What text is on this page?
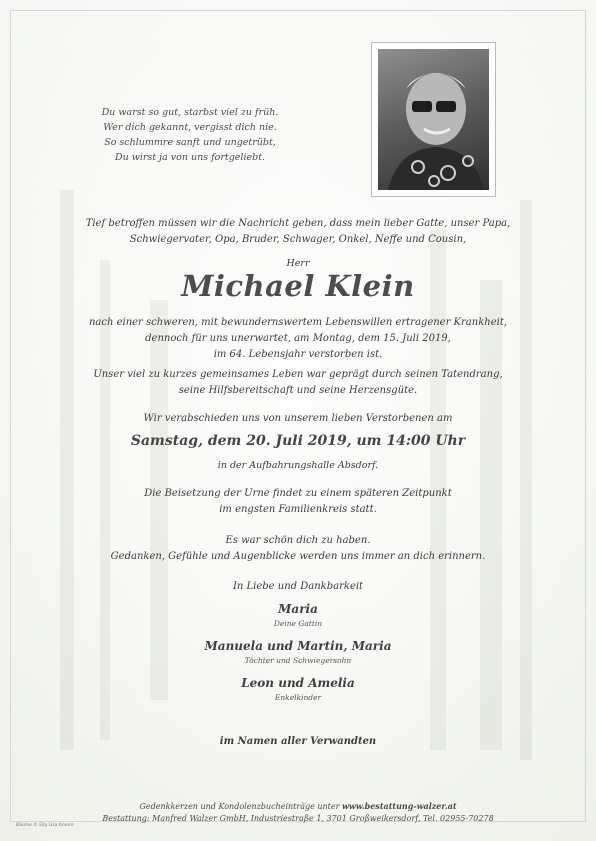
Du warst so gut, starbst viel zu früh.
Wer dich gekannt, vergisst dich nie.
So schlummre sanft und ungetrübt,
Du wirst ja von uns fortgeliebt.
Tief betroffen müssen wir die Nachricht geben, dass mein lieber Gatte, unser Papa,
Schwiegervater, Opa, Bruder, Schwager, Onkel, Neffe und Cousin,
Herr
Michael Klein
nach einer schweren, mit bewundernswertem Lebenswillen ertragener Krankheit,
dennoch für uns unerwartet, am Montag, dem 15. Juli 2019,
im 64. Lebensjahr verstorben ist.
Unser viel zu kurzes gemeinsames Leben war geprägt durch seinen Tatendrang,
seine Hilfsbereitschaft und seine Herzensgüte.
Wir verabschieden uns von unserem lieben Verstorbenen am
Samstag, dem 20. Juli 2019, um 14:00 Uhr
in der Aufbahrungshalle Absdorf.
Die Beisetzung der Urne findet zu einem späteren Zeitpunkt
im engsten Familienkreis statt.
Es war schön dich zu haben.
Gedanken, Gefühle und Augenblicke werden uns immer an dich erinnern.
In Liebe und Dankbarkeit
Maria
Deine Gattin
Manuela und Martin, Maria
Töchter und Schwiegersohn
Leon und Amelia
Enkelkinder
im Namen aller Verwandten
Gedenkkerzen und Kondolenzbucheinträge unter www.bestattung-walzer.at
Bestattung: Manfred Walzer GmbH, Industriestraße 1, 3701 Großweikersdorf, Tel. 02955-70278
Bäume © Elly Lisa Knorre
